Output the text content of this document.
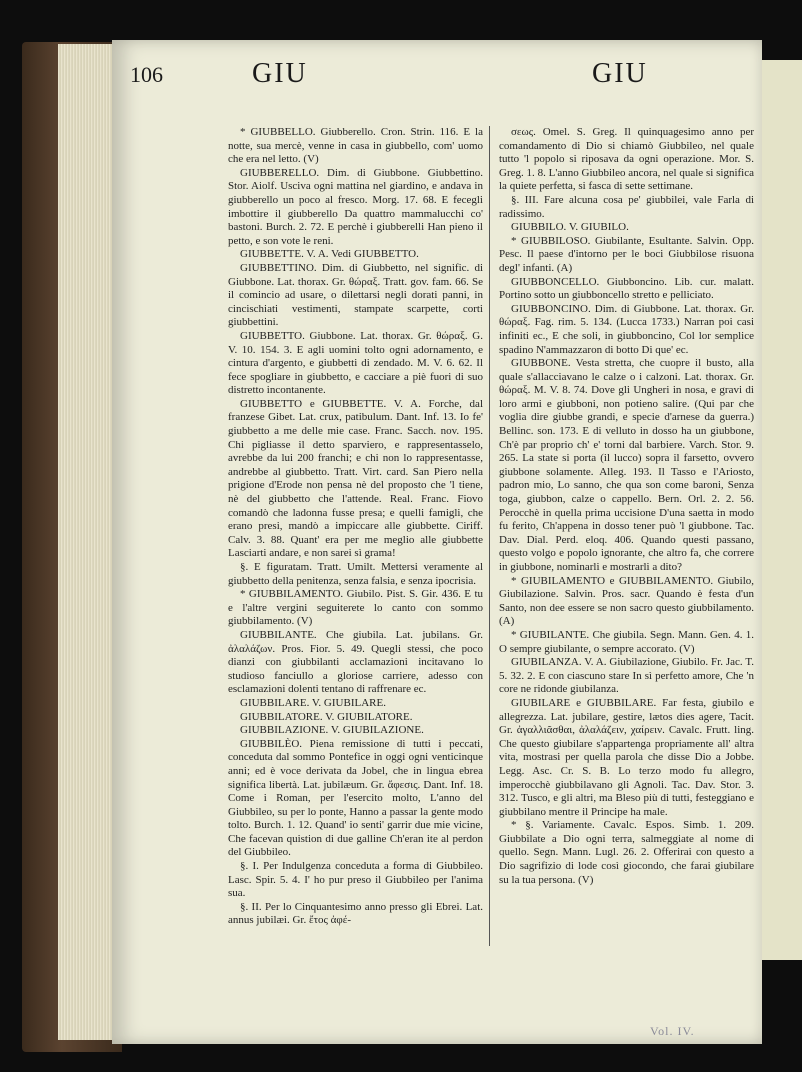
106	GIU	GIU

* GIUBBELLO. Giubberello. Cron. Strin. 116. E la notte, sua mercè, venne in casa in giubbello, com' uomo che era nel letto. (V)

GIUBBERELLO. Dim. di Giubbone. Giubbettino. Stor. Aiolf. Usciva ogni mattina nel giardino, e andava in giubberello un poco al fresco. Morg. 17. 68. E fecegli imbottire il giubberello Da quattro mammalucchi co' bastoni. Burch. 2. 72. E perchè i giubberelli Han pieno il petto, e son vote le reni.

GIUBBETTE. V. A. Vedi GIUBBETTO.

GIUBBETTINO. Dim. di Giubbetto, nel signific. di Giubbone. Lat. thorax. Gr. θώραξ. Tratt. gov. fam. 66. Se il comincio ad usare, o dilettarsi negli dorati panni, in cincischiati vestimenti, stampate scarpette, corti giubbettini.

GIUBBETTO. Giubbone. Lat. thorax. Gr. θώραξ. G. V. 10. 154. 3. E agli uomini tolto ogni adornamento, e cintura d'argento, e giubbetti di zendado. M. V. 6. 62. Il fece spogliare in giubbetto, e cacciare a piè fuori di suo distretto incontanente.

GIUBBETTO e GIUBBETTE. V. A. Forche, dal franzese Gibet. Lat. crux, patibulum. Dant. Inf. 13. Io fe' giubbetto a me delle mie case. Franc. Sacch. nov. 195. Chi pigliasse il detto sparviero, e rappresentasselo, avrebbe da lui 200 franchi; e chi non lo rappresentasse, andrebbe al giubbetto. Tratt. Virt. card. San Piero nella prigione d'Erode non pensa nè del proposto che 'l tiene, nè del giubbetto che l'attende. Real. Franc. Fiovo comandò che ladonna fusse presa; e quelli famigli, che erano presi, mandò a impiccare alle giubbette. Ciriff. Calv. 3. 88. Quant' era per me meglio alle giubbette Lasciarti andare, e non sarei sì grama!

§. E figuratam. Tratt. Umilt. Mettersi veramente al giubbetto della penitenza, senza falsia, e senza ipocrisia.

* GIUBBILAMENTO. Giubilo. Pist. S. Gir. 436. E tu e l'altre vergini seguiterete lo canto con sommo giubbilamento. (V)

GIUBBILANTE. Che giubila. Lat. jubilans. Gr. ἀλαλάζων. Pros. Fior. 5. 49. Quegli stessi, che poco dianzi con giubbilanti acclamazioni incitavano lo studioso fanciullo a gloriose carriere, adesso con esclamazioni dolenti tentano di raffrenare ec.

GIUBBILARE. V. GIUBILARE.

GIUBBILATORE. V. GIUBILATORE.

GIUBBILAZIONE. V. GIUBILAZIONE.

GIUBBILÈO. Piena remissione di tutti i peccati, conceduta dal sommo Pontefice in oggi ogni venticinque anni; ed è voce derivata da Jobel, che in lingua ebrea significa libertà. Lat. jubilæum. Gr. ἄφεσις. Dant. Inf. 18. Come i Roman, per l'esercito molto, L'anno del Giubbileo, su per lo ponte, Hanno a passar la gente modo tolto. Burch. 1. 12. Quand' io senti' garrir due mie vicine, Che facevan quistion di due galline Ch'eran ite al perdon del Giubbileo.

§. I. Per Indulgenza conceduta a forma di Giubbileo. Lasc. Spir. 5. 4. I' ho pur preso il Giubbileo per l'anima sua.

§. II. Per lo Cinquantesimo anno presso gli Ebrei. Lat. annus jubilæi. Gr. ἔτος ἀφέ-

σεως. Omel. S. Greg. Il quinquagesimo anno per comandamento di Dio si chiamò Giubbileo, nel quale tutto 'l popolo si riposava da ogni operazione. Mor. S. Greg. 1. 8. L'anno Giubbileo ancora, nel quale si significa la quiete perfetta, si fasca di sette settimane.

§. III. Fare alcuna cosa pe' giubbilei, vale Farla di radissimo.

GIUBBILO. V. GIUBILO.

* GIUBBILOSO. Giubilante, Esultante. Salvin. Opp. Pesc. Il paese d'intorno per le boci Giubbilose risuona degl' infanti. (A)

GIUBBONCELLO. Giubboncino. Lib. cur. malatt. Portino sotto un giubboncello stretto e pelliciato.

GIUBBONCINO. Dim. di Giubbone. Lat. thorax. Gr. θώραξ. Fag. rim. 5. 134. (Lucca 1733.) Narran poi casi infiniti ec., E che soli, in giubboncino, Col lor semplice spadino N'ammazzaron di botto Di que' ec.

GIUBBONE. Vesta stretta, che cuopre il busto, alla quale s'allacciavano le calze o i calzoni. Lat. thorax. Gr. θώραξ. M. V. 8. 74. Dove gli Ungheri in nosa, e gravi di loro armi e giubboni, non potieno salire. (Qui par che voglia dire giubbe grandi, e specie d'arnese da guerra.) Bellinc. son. 173. E di velluto in dosso ha un giubbone, Ch'è par proprio ch' e' torni dal barbiere. Varch. Stor. 9. 265. La state si porta (il lucco) sopra il farsetto, ovvero giubbone solamente. Alleg. 193. Il Tasso e l'Ariosto, padron mio, Lo sanno, che qua son come baroni, Senza toga, giubbon, calze o cappello. Bern. Orl. 2. 2. 56. Perocchè in quella prima uccisione D'una saetta in modo fu ferito, Ch'appena in dosso tener può 'l giubbone. Tac. Dav. Dial. Perd. eloq. 406. Quando questi passano, questo volgo e popolo ignorante, che altro fa, che correre in giubbone, nominarli e mostrarli a dito?

* GIUBILAMENTO e GIUBBILAMENTO. Giubilo, Giubilazione. Salvin. Pros. sacr. Quando è festa d'un Santo, non dee essere se non sacro questo giubbilamento. (A)

* GIUBILANTE. Che giubila. Segn. Mann. Gen. 4. 1. O sempre giubilante, o sempre accorato. (V)

GIUBILANZA. V. A. Giubilazione, Giubilo. Fr. Jac. T. 5. 32. 2. E con ciascuno stare In sì perfetto amore, Che 'n core ne ridonde giubilanza.

GIUBILARE e GIUBBILARE. Far festa, giubilo e allegrezza. Lat. jubilare, gestire, lætos dies agere, Tacit. Gr. ἀγαλλιᾶσθαι, ἀλαλάζειν, χαίρειν. Cavalc. Frutt. ling. Che questo giubilare s'appartenga propriamente all' altra vita, mostrasi per quella parola che disse Dio a Jobbe. Legg. Asc. Cr. S. B. Lo terzo modo fu allegro, imperocchè giubbilavano gli Agnoli. Tac. Dav. Stor. 3. 312. Tusco, e gli altri, ma Bleso più di tutti, festeggiano e giubbilano mentre il Principe ha male.

* §. Variamente. Cavalc. Espos. Simb. 1. 209. Giubbilate a Dio ogni terra, salmeggiate al nome di quello. Segn. Mann. Lugl. 26. 2. Offerirai con questo a Dio sagrifizio di lode così giocondo, che farai giubilare su la tua persona. (V)

Vol. IV.
